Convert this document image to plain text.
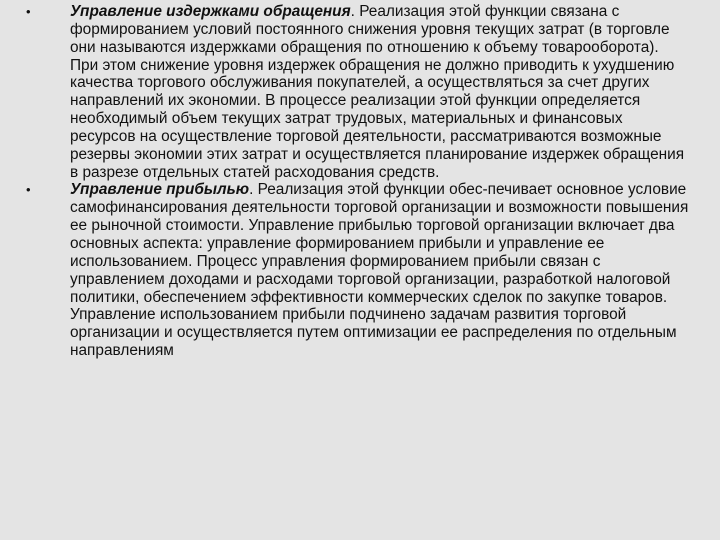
•	Управление издержками обращения. Реализация этой функции связана с формированием условий постоянного снижения уровня текущих затрат (в торговле они называются издержками обращения по отношению к объему товарооборота). При этом снижение уровня издержек обращения не должно приводить к ухудшению качества торгового обслуживания покупателей, а осуществляться за счет других направлений их экономии. В процессе реализации этой функции определяется необходимый объем текущих затрат трудовых, материальных и финансовых ресурсов на осуществление торговой деятельности, рассматриваются возможные резервы экономии этих затрат и осуществляется планирование издержек обращения в разрезе отдельных статей расходования средств.
•	Управление прибылью. Реализация этой функции обес-печивает основное условие самофинансирования деятельности торговой организации и возможности повышения ее рыночной стоимости. Управление прибылью торговой организации включает два основных аспекта: управление формированием прибыли и управление ее использованием. Процесс управления формированием прибыли связан с управлением доходами и расходами торговой организации, разработкой налоговой политики, обеспечением эффективности коммерческих сделок по закупке товаров. Управление использованием прибыли подчинено задачам развития торговой организации и осуществляется путем оптимизации ее распределения по отдельным направлениям
